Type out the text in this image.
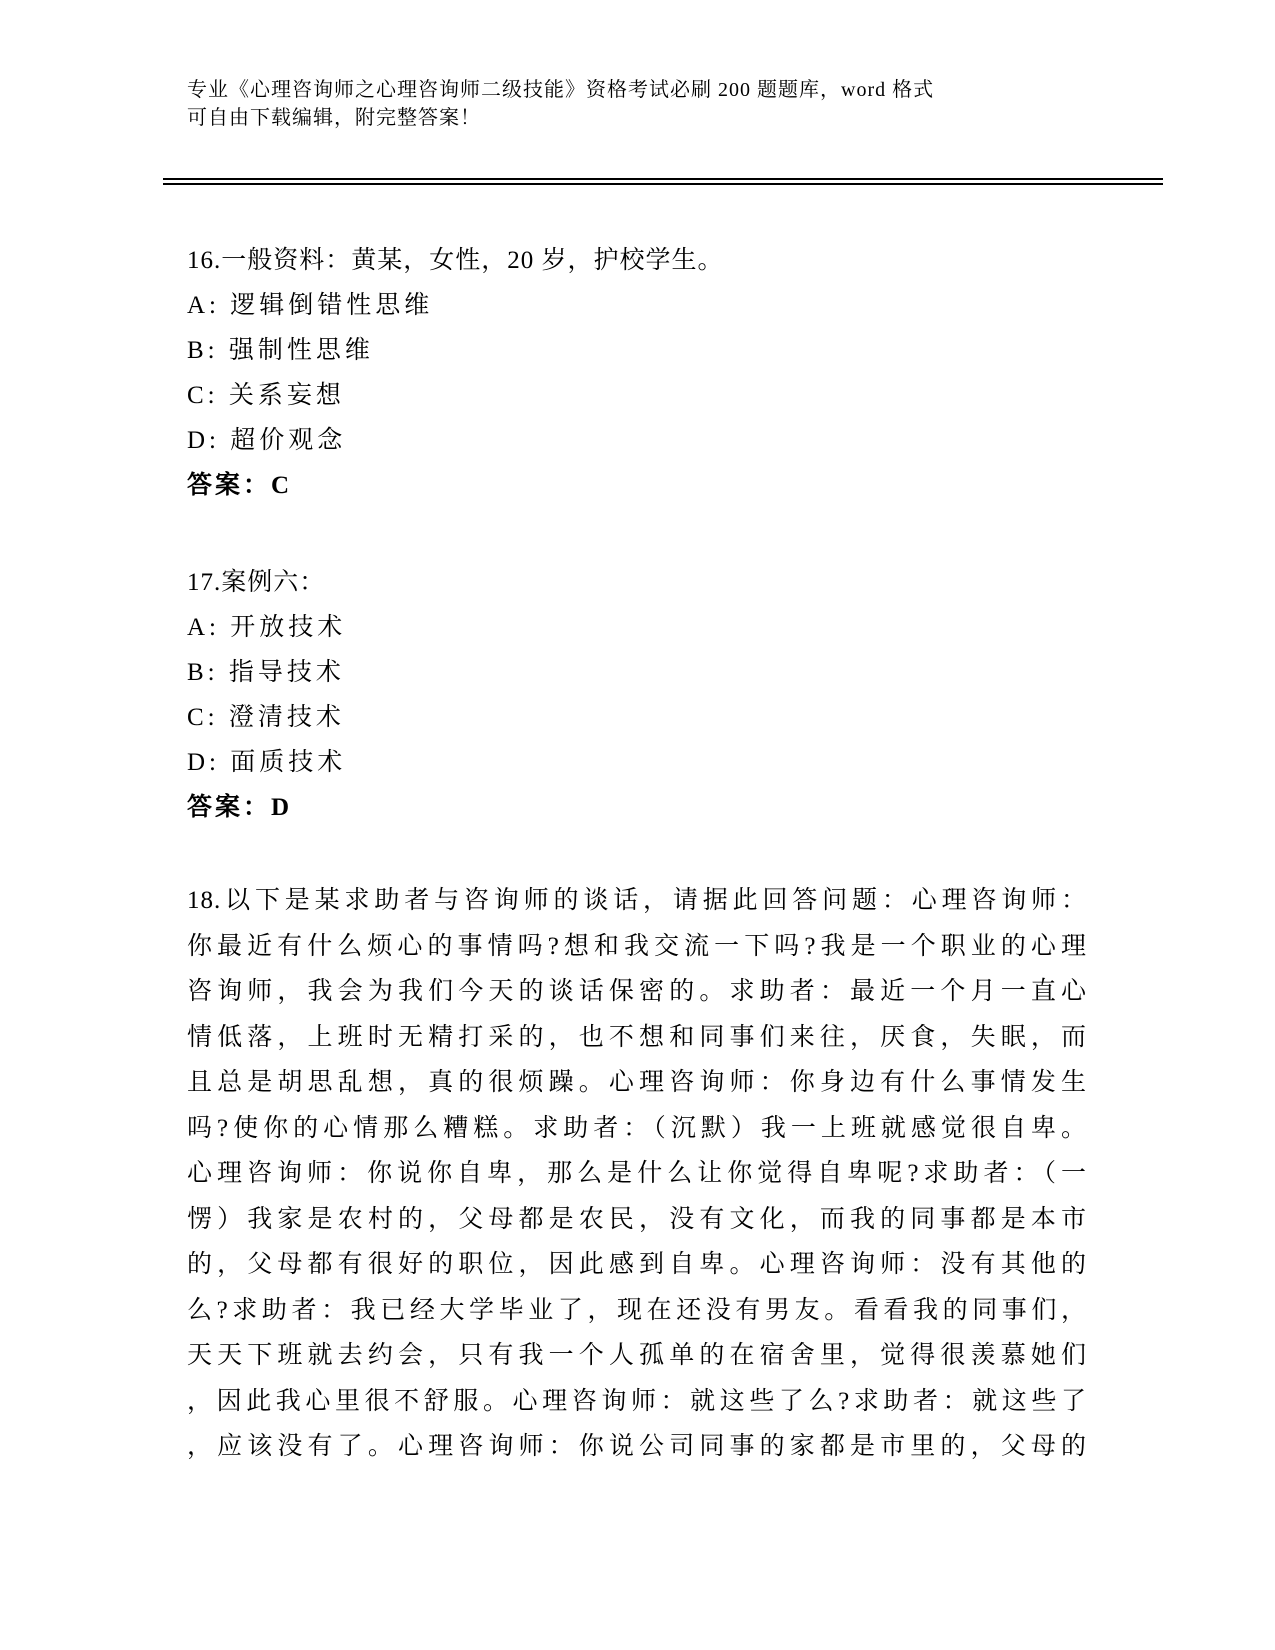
专业《心理咨询师之心理咨询师二级技能》资格考试必刷 200 题题库，word 格式
可自由下载编辑，附完整答案！
16.一般资料：黄某，女性，20 岁，护校学生。
A: 逻辑倒错性思维
B: 强制性思维
C: 关系妄想
D: 超价观念
答案：C
17.案例六：
A: 开放技术
B: 指导技术
C: 澄清技术
D: 面质技术
答案：D
18.以下是某求助者与咨询师的谈话，请据此回答问题：心理咨询师：
你最近有什么烦心的事情吗?想和我交流一下吗?我是一个职业的心理
咨询师，我会为我们今天的谈话保密的。求助者：最近一个月一直心
情低落，上班时无精打采的，也不想和同事们来往，厌食，失眠，而
且总是胡思乱想，真的很烦躁。心理咨询师：你身边有什么事情发生
吗?使你的心情那么糟糕。求助者：（沉默）我一上班就感觉很自卑。
心理咨询师：你说你自卑，那么是什么让你觉得自卑呢?求助者：（一
愣）我家是农村的，父母都是农民，没有文化，而我的同事都是本市
的，父母都有很好的职位，因此感到自卑。心理咨询师：没有其他的
么?求助者：我已经大学毕业了，现在还没有男友。看看我的同事们，
天天下班就去约会，只有我一个人孤单的在宿舍里，觉得很羡慕她们
，因此我心里很不舒服。心理咨询师：就这些了么?求助者：就这些了
，应该没有了。心理咨询师：你说公司同事的家都是市里的，父母的
